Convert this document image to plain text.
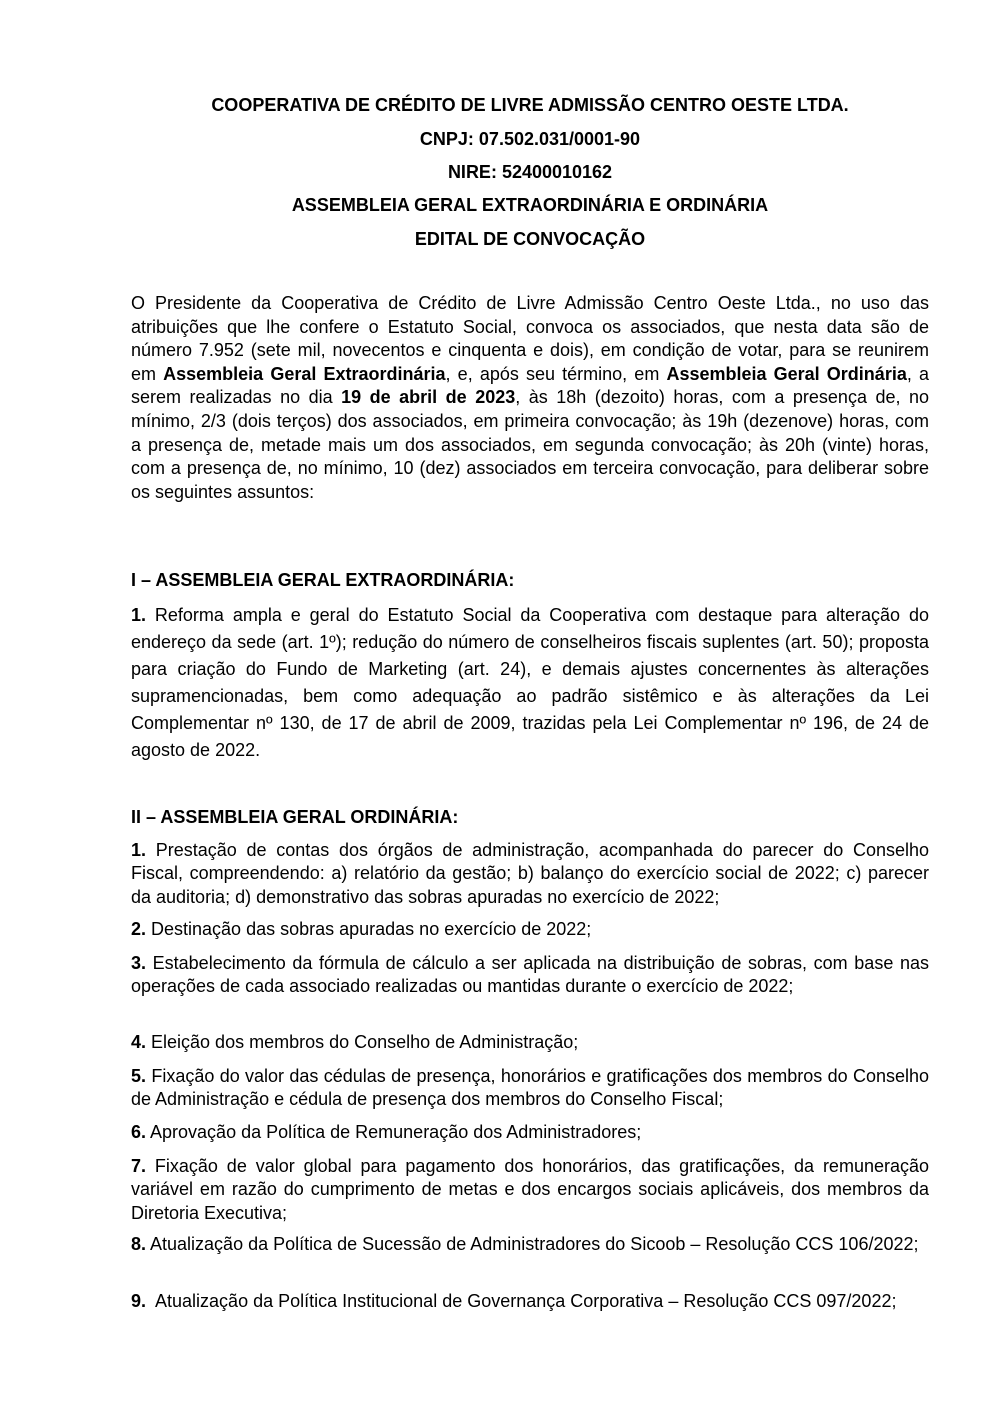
COOPERATIVA DE CRÉDITO DE LIVRE ADMISSÃO CENTRO OESTE LTDA.

CNPJ: 07.502.031/0001-90

NIRE: 52400010162

ASSEMBLEIA GERAL EXTRAORDINÁRIA E ORDINÁRIA

EDITAL DE CONVOCAÇÃO

O Presidente da Cooperativa de Crédito de Livre Admissão Centro Oeste Ltda., no uso das atribuições que lhe confere o Estatuto Social, convoca os associados, que nesta data são de número 7.952 (sete mil, novecentos e cinquenta e dois), em condição de votar, para se reunirem em Assembleia Geral Extraordinária, e, após seu término, em Assembleia Geral Ordinária, a serem realizadas no dia 19 de abril de 2023, às 18h (dezoito) horas, com a presença de, no mínimo, 2/3 (dois terços) dos associados, em primeira convocação; às 19h (dezenove) horas, com a presença de, metade mais um dos associados, em segunda convocação; às 20h (vinte) horas, com a presença de, no mínimo, 10 (dez) associados em terceira convocação, para deliberar sobre os seguintes assuntos:

I – ASSEMBLEIA GERAL EXTRAORDINÁRIA:

1. Reforma ampla e geral do Estatuto Social da Cooperativa com destaque para alteração do endereço da sede (art. 1º); redução do número de conselheiros fiscais suplentes (art. 50); proposta para criação do Fundo de Marketing (art. 24), e demais ajustes concernentes às alterações supramencionadas, bem como adequação ao padrão sistêmico e às alterações da Lei Complementar nº 130, de 17 de abril de 2009, trazidas pela Lei Complementar nº 196, de 24 de agosto de 2022.

II – ASSEMBLEIA GERAL ORDINÁRIA:

1. Prestação de contas dos órgãos de administração, acompanhada do parecer do Conselho Fiscal, compreendendo: a) relatório da gestão; b) balanço do exercício social de 2022; c) parecer da auditoria; d) demonstrativo das sobras apuradas no exercício de 2022;

2. Destinação das sobras apuradas no exercício de 2022;

3. Estabelecimento da fórmula de cálculo a ser aplicada na distribuição de sobras, com base nas operações de cada associado realizadas ou mantidas durante o exercício de 2022;

4. Eleição dos membros do Conselho de Administração;

5. Fixação do valor das cédulas de presença, honorários e gratificações dos membros do Conselho de Administração e cédula de presença dos membros do Conselho Fiscal;

6. Aprovação da Política de Remuneração dos Administradores;

7. Fixação de valor global para pagamento dos honorários, das gratificações, da remuneração variável em razão do cumprimento de metas e dos encargos sociais aplicáveis, dos membros da Diretoria Executiva;

8. Atualização da Política de Sucessão de Administradores do Sicoob – Resolução CCS 106/2022;

9.  Atualização da Política Institucional de Governança Corporativa – Resolução CCS 097/2022;
